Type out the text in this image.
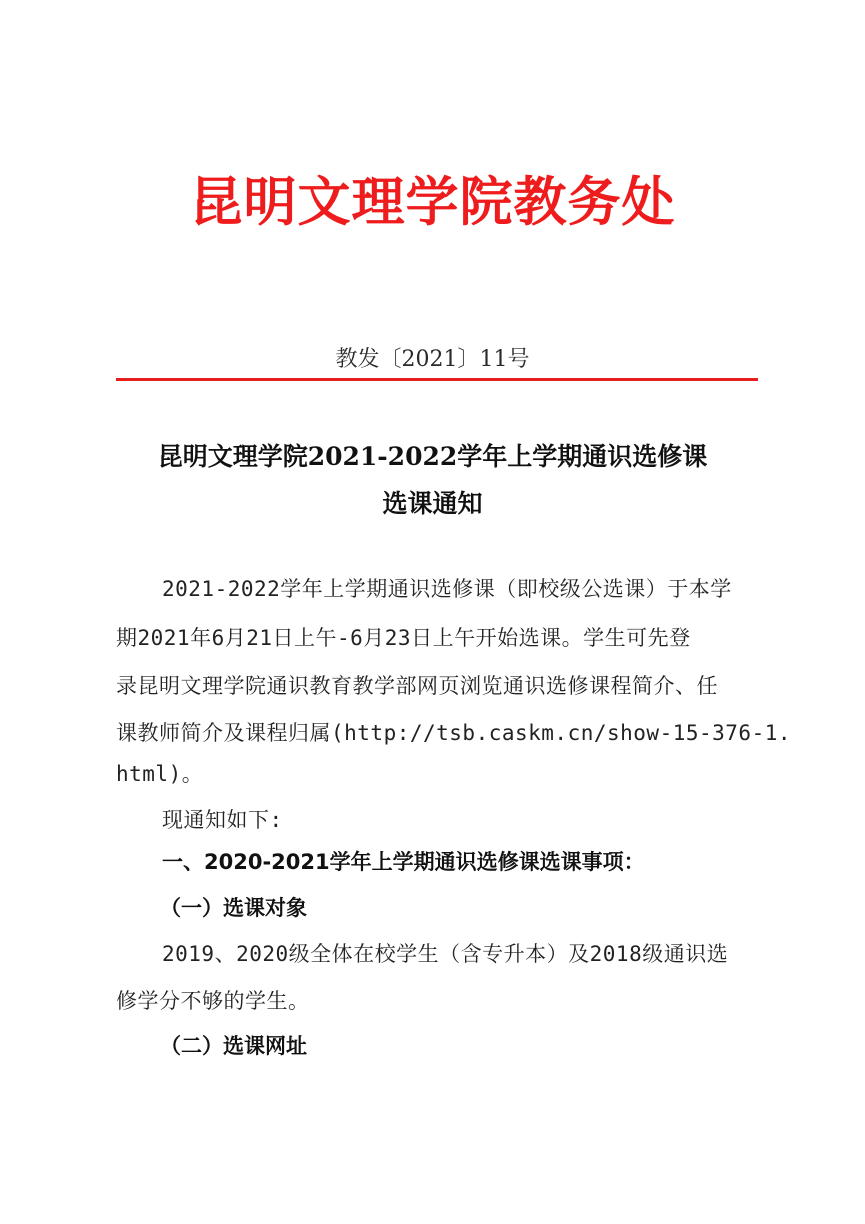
昆明文理学院教务处
教发〔2021〕11号
昆明文理学院2021-2022学年上学期通识选修课
选课通知
2021-2022学年上学期通识选修课（即校级公选课）于本学
期2021年6月21日上午-6月23日上午开始选课。学生可先登
录昆明文理学院通识教育教学部网页浏览通识选修课程简介、任
课教师简介及课程归属(http://tsb.caskm.cn/show-15-376-1.
html)。
现通知如下:
一、2020-2021学年上学期通识选修课选课事项：
（一）选课对象
2019、2020级全体在校学生（含专升本）及2018级通识选
修学分不够的学生。
（二）选课网址
